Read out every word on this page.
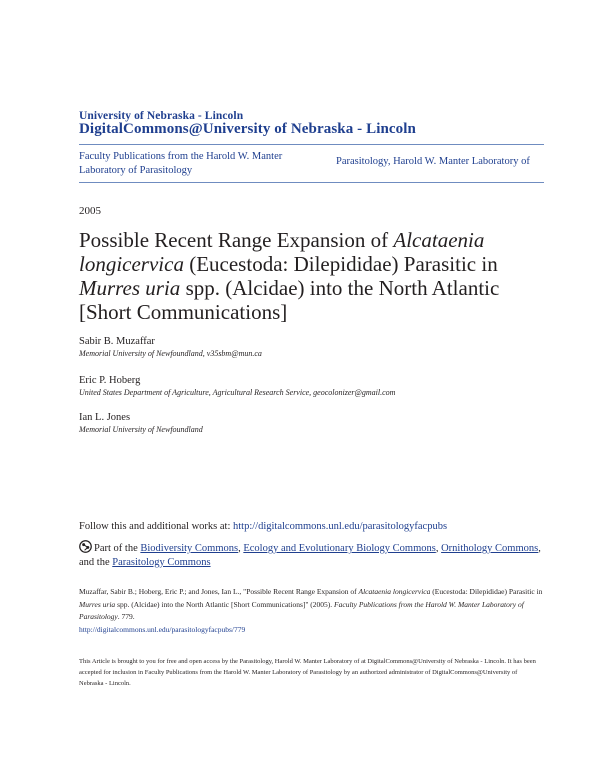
University of Nebraska - Lincoln
DigitalCommons@University of Nebraska - Lincoln
Faculty Publications from the Harold W. Manter Laboratory of Parasitology
Parasitology, Harold W. Manter Laboratory of
2005
Possible Recent Range Expansion of Alcataenia longicervica (Eucestoda: Dilepididae) Parasitic in Murres uria spp. (Alcidae) into the North Atlantic [Short Communications]
Sabir B. Muzaffar
Memorial University of Newfoundland, v35sbm@mun.ca
Eric P. Hoberg
United States Department of Agriculture, Agricultural Research Service, geocolonizer@gmail.com
Ian L. Jones
Memorial University of Newfoundland
Follow this and additional works at: http://digitalcommons.unl.edu/parasitologyfacpubs
Part of the Biodiversity Commons, Ecology and Evolutionary Biology Commons, Ornithology Commons, and the Parasitology Commons
Muzaffar, Sabir B.; Hoberg, Eric P.; and Jones, Ian L., "Possible Recent Range Expansion of Alcataenia longicervica (Eucestoda: Dilepididae) Parasitic in Murres uria spp. (Alcidae) into the North Atlantic [Short Communications]" (2005). Faculty Publications from the Harold W. Manter Laboratory of Parasitology. 779.
http://digitalcommons.unl.edu/parasitologyfacpubs/779
This Article is brought to you for free and open access by the Parasitology, Harold W. Manter Laboratory of at DigitalCommons@University of Nebraska - Lincoln. It has been accepted for inclusion in Faculty Publications from the Harold W. Manter Laboratory of Parasitology by an authorized administrator of DigitalCommons@University of Nebraska - Lincoln.
